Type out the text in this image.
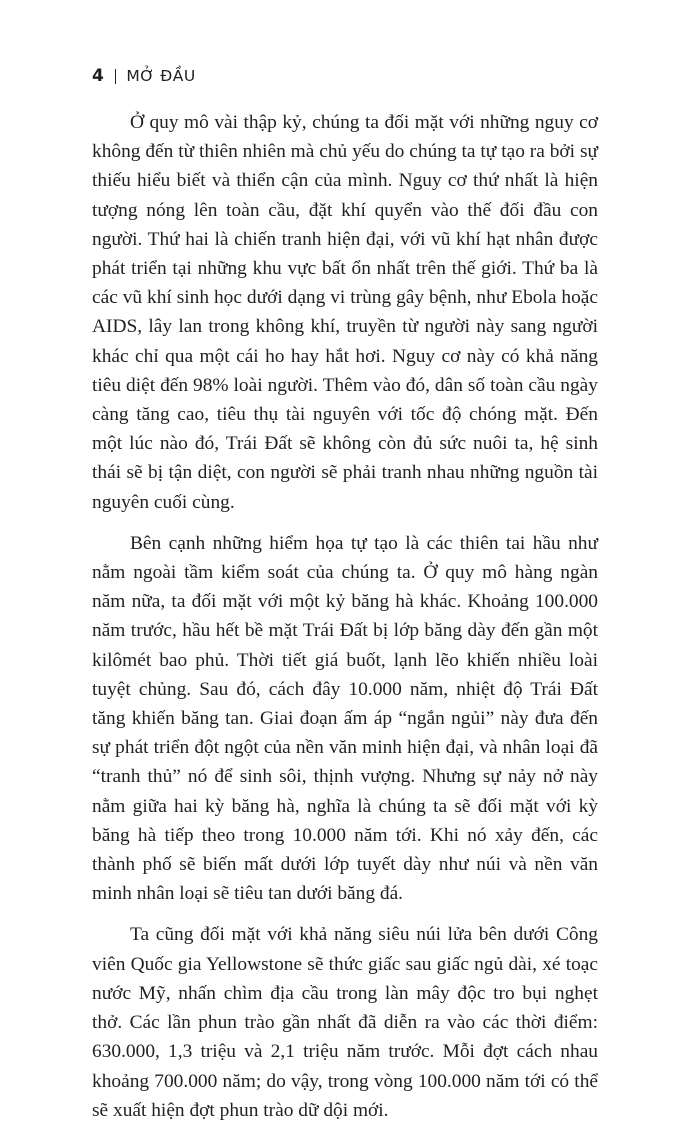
4 MỞ ĐẦU

Ở quy mô vài thập kỷ, chúng ta đối mặt với những nguy cơ không đến từ thiên nhiên mà chủ yếu do chúng ta tự tạo ra bởi sự thiếu hiểu biết và thiển cận của mình. Nguy cơ thứ nhất là hiện tượng nóng lên toàn cầu, đặt khí quyển vào thế đối đầu con người. Thứ hai là chiến tranh hiện đại, với vũ khí hạt nhân được phát triển tại những khu vực bất ổn nhất trên thế giới. Thứ ba là các vũ khí sinh học dưới dạng vi trùng gây bệnh, như Ebola hoặc AIDS, lây lan trong không khí, truyền từ người này sang người khác chỉ qua một cái ho hay hắt hơi. Nguy cơ này có khả năng tiêu diệt đến 98% loài người. Thêm vào đó, dân số toàn cầu ngày càng tăng cao, tiêu thụ tài nguyên với tốc độ chóng mặt. Đến một lúc nào đó, Trái Đất sẽ không còn đủ sức nuôi ta, hệ sinh thái sẽ bị tận diệt, con người sẽ phải tranh nhau những nguồn tài nguyên cuối cùng.

Bên cạnh những hiểm họa tự tạo là các thiên tai hầu như nằm ngoài tầm kiểm soát của chúng ta. Ở quy mô hàng ngàn năm nữa, ta đối mặt với một kỷ băng hà khác. Khoảng 100.000 năm trước, hầu hết bề mặt Trái Đất bị lớp băng dày đến gần một kilômét bao phủ. Thời tiết giá buốt, lạnh lẽo khiến nhiều loài tuyệt chủng. Sau đó, cách đây 10.000 năm, nhiệt độ Trái Đất tăng khiến băng tan. Giai đoạn ấm áp “ngắn ngủi” này đưa đến sự phát triển đột ngột của nền văn minh hiện đại, và nhân loại đã “tranh thủ” nó để sinh sôi, thịnh vượng. Nhưng sự nảy nở này nằm giữa hai kỳ băng hà, nghĩa là chúng ta sẽ đối mặt với kỳ băng hà tiếp theo trong 10.000 năm tới. Khi nó xảy đến, các thành phố sẽ biến mất dưới lớp tuyết dày như núi và nền văn minh nhân loại sẽ tiêu tan dưới băng đá.

Ta cũng đối mặt với khả năng siêu núi lửa bên dưới Công viên Quốc gia Yellowstone sẽ thức giấc sau giấc ngủ dài, xé toạc nước Mỹ, nhấn chìm địa cầu trong làn mây độc tro bụi nghẹt thở. Các lần phun trào gần nhất đã diễn ra vào các thời điểm: 630.000, 1,3 triệu và 2,1 triệu năm trước. Mỗi đợt cách nhau khoảng 700.000 năm; do vậy, trong vòng 100.000 năm tới có thể sẽ xuất hiện đợt phun trào dữ dội mới.
